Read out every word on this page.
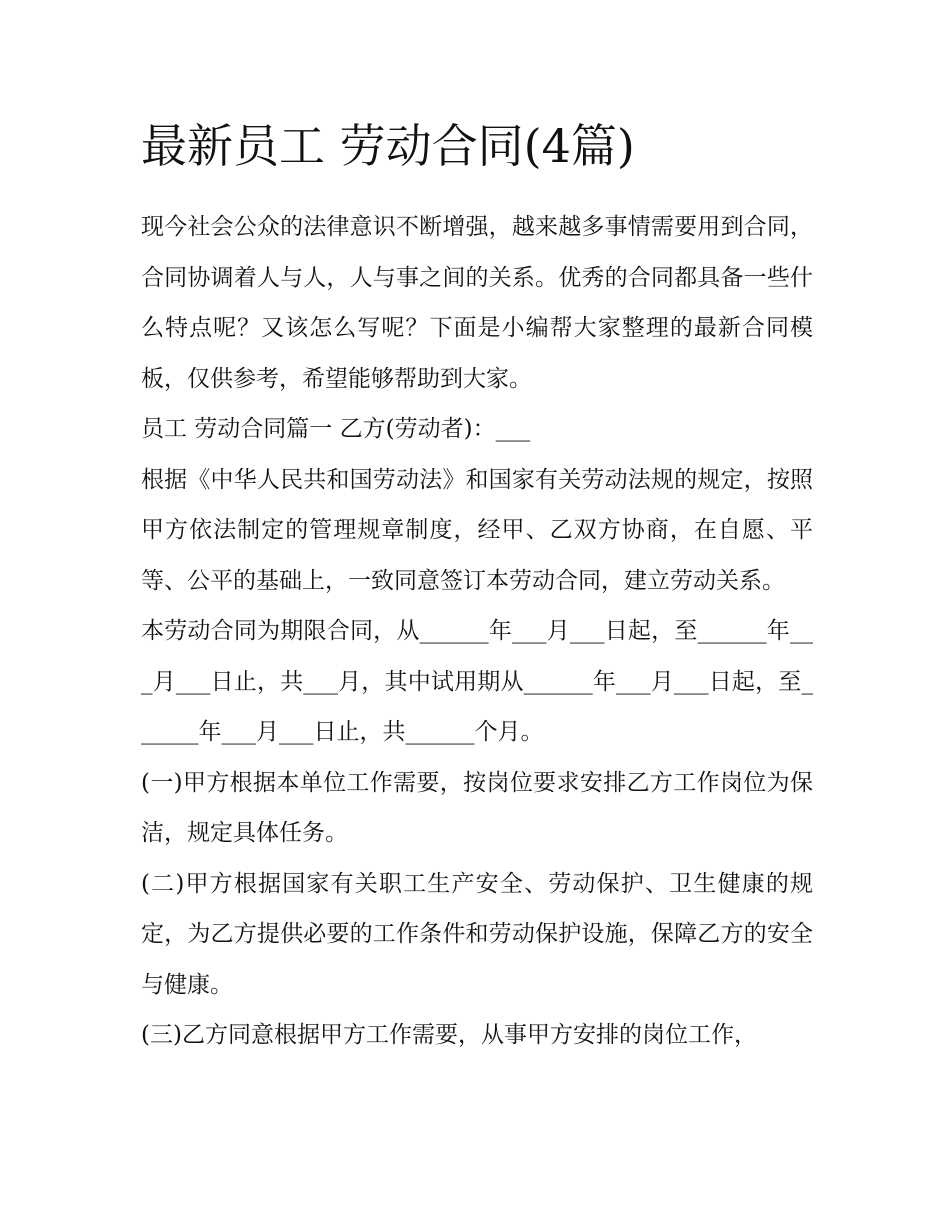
最新员工 劳动合同(4篇)

现今社会公众的法律意识不断增强，越来越多事情需要用到合同，合同协调着人与人，人与事之间的关系。优秀的合同都具备一些什么特点呢？又该怎么写呢？下面是小编帮大家整理的最新合同模板，仅供参考，希望能够帮助到大家。

员工 劳动合同篇一 乙方(劳动者)：___

根据《中华人民共和国劳动法》和国家有关劳动法规的规定，按照甲方依法制定的管理规章制度，经甲、乙双方协商，在自愿、平等、公平的基础上，一致同意签订本劳动合同，建立劳动关系。

本劳动合同为期限合同，从______年___月___日起，至______年___月___日止，共___月，其中试用期从______年___月___日起，至______年___月___日止，共______个月。

(一)甲方根据本单位工作需要，按岗位要求安排乙方工作岗位为保洁，规定具体任务。

(二)甲方根据国家有关职工生产安全、劳动保护、卫生健康的规定，为乙方提供必要的工作条件和劳动保护设施，保障乙方的安全与健康。

(三)乙方同意根据甲方工作需要，从事甲方安排的岗位工作，
